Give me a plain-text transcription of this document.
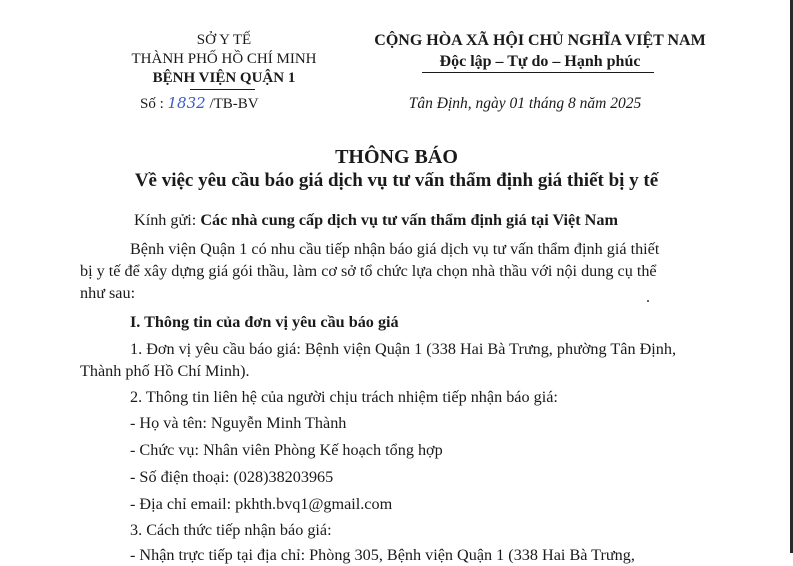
SỞ Y TẾ
THÀNH PHỐ HỒ CHÍ MINH
BỆNH VIỆN QUẬN 1
Số : 1832 /TB-BV
CỘNG HÒA XÃ HỘI CHỦ NGHĨA VIỆT NAM
Độc lập – Tự do – Hạnh phúc
Tân Định, ngày 01 tháng 8 năm 2025
THÔNG BÁO
Về việc yêu cầu báo giá dịch vụ tư vấn thẩm định giá thiết bị y tế
Kính gửi: Các nhà cung cấp dịch vụ tư vấn thẩm định giá tại Việt Nam
Bệnh viện Quận 1 có nhu cầu tiếp nhận báo giá dịch vụ tư vấn thẩm định giá thiết
bị y tế để xây dựng giá gói thầu, làm cơ sở tổ chức lựa chọn nhà thầu với nội dung cụ thể
như sau:
I. Thông tin của đơn vị yêu cầu báo giá
1. Đơn vị yêu cầu báo giá: Bệnh viện Quận 1 (338 Hai Bà Trưng, phường Tân Định,
Thành phố Hồ Chí Minh).
2. Thông tin liên hệ của người chịu trách nhiệm tiếp nhận báo giá:
- Họ và tên: Nguyễn Minh Thành
- Chức vụ: Nhân viên Phòng Kế hoạch tổng hợp
- Số điện thoại: (028)38203965
- Địa chỉ email: pkhth.bvq1@gmail.com
3. Cách thức tiếp nhận báo giá:
- Nhận trực tiếp tại địa chỉ: Phòng 305, Bệnh viện Quận 1 (338 Hai Bà Trưng,
